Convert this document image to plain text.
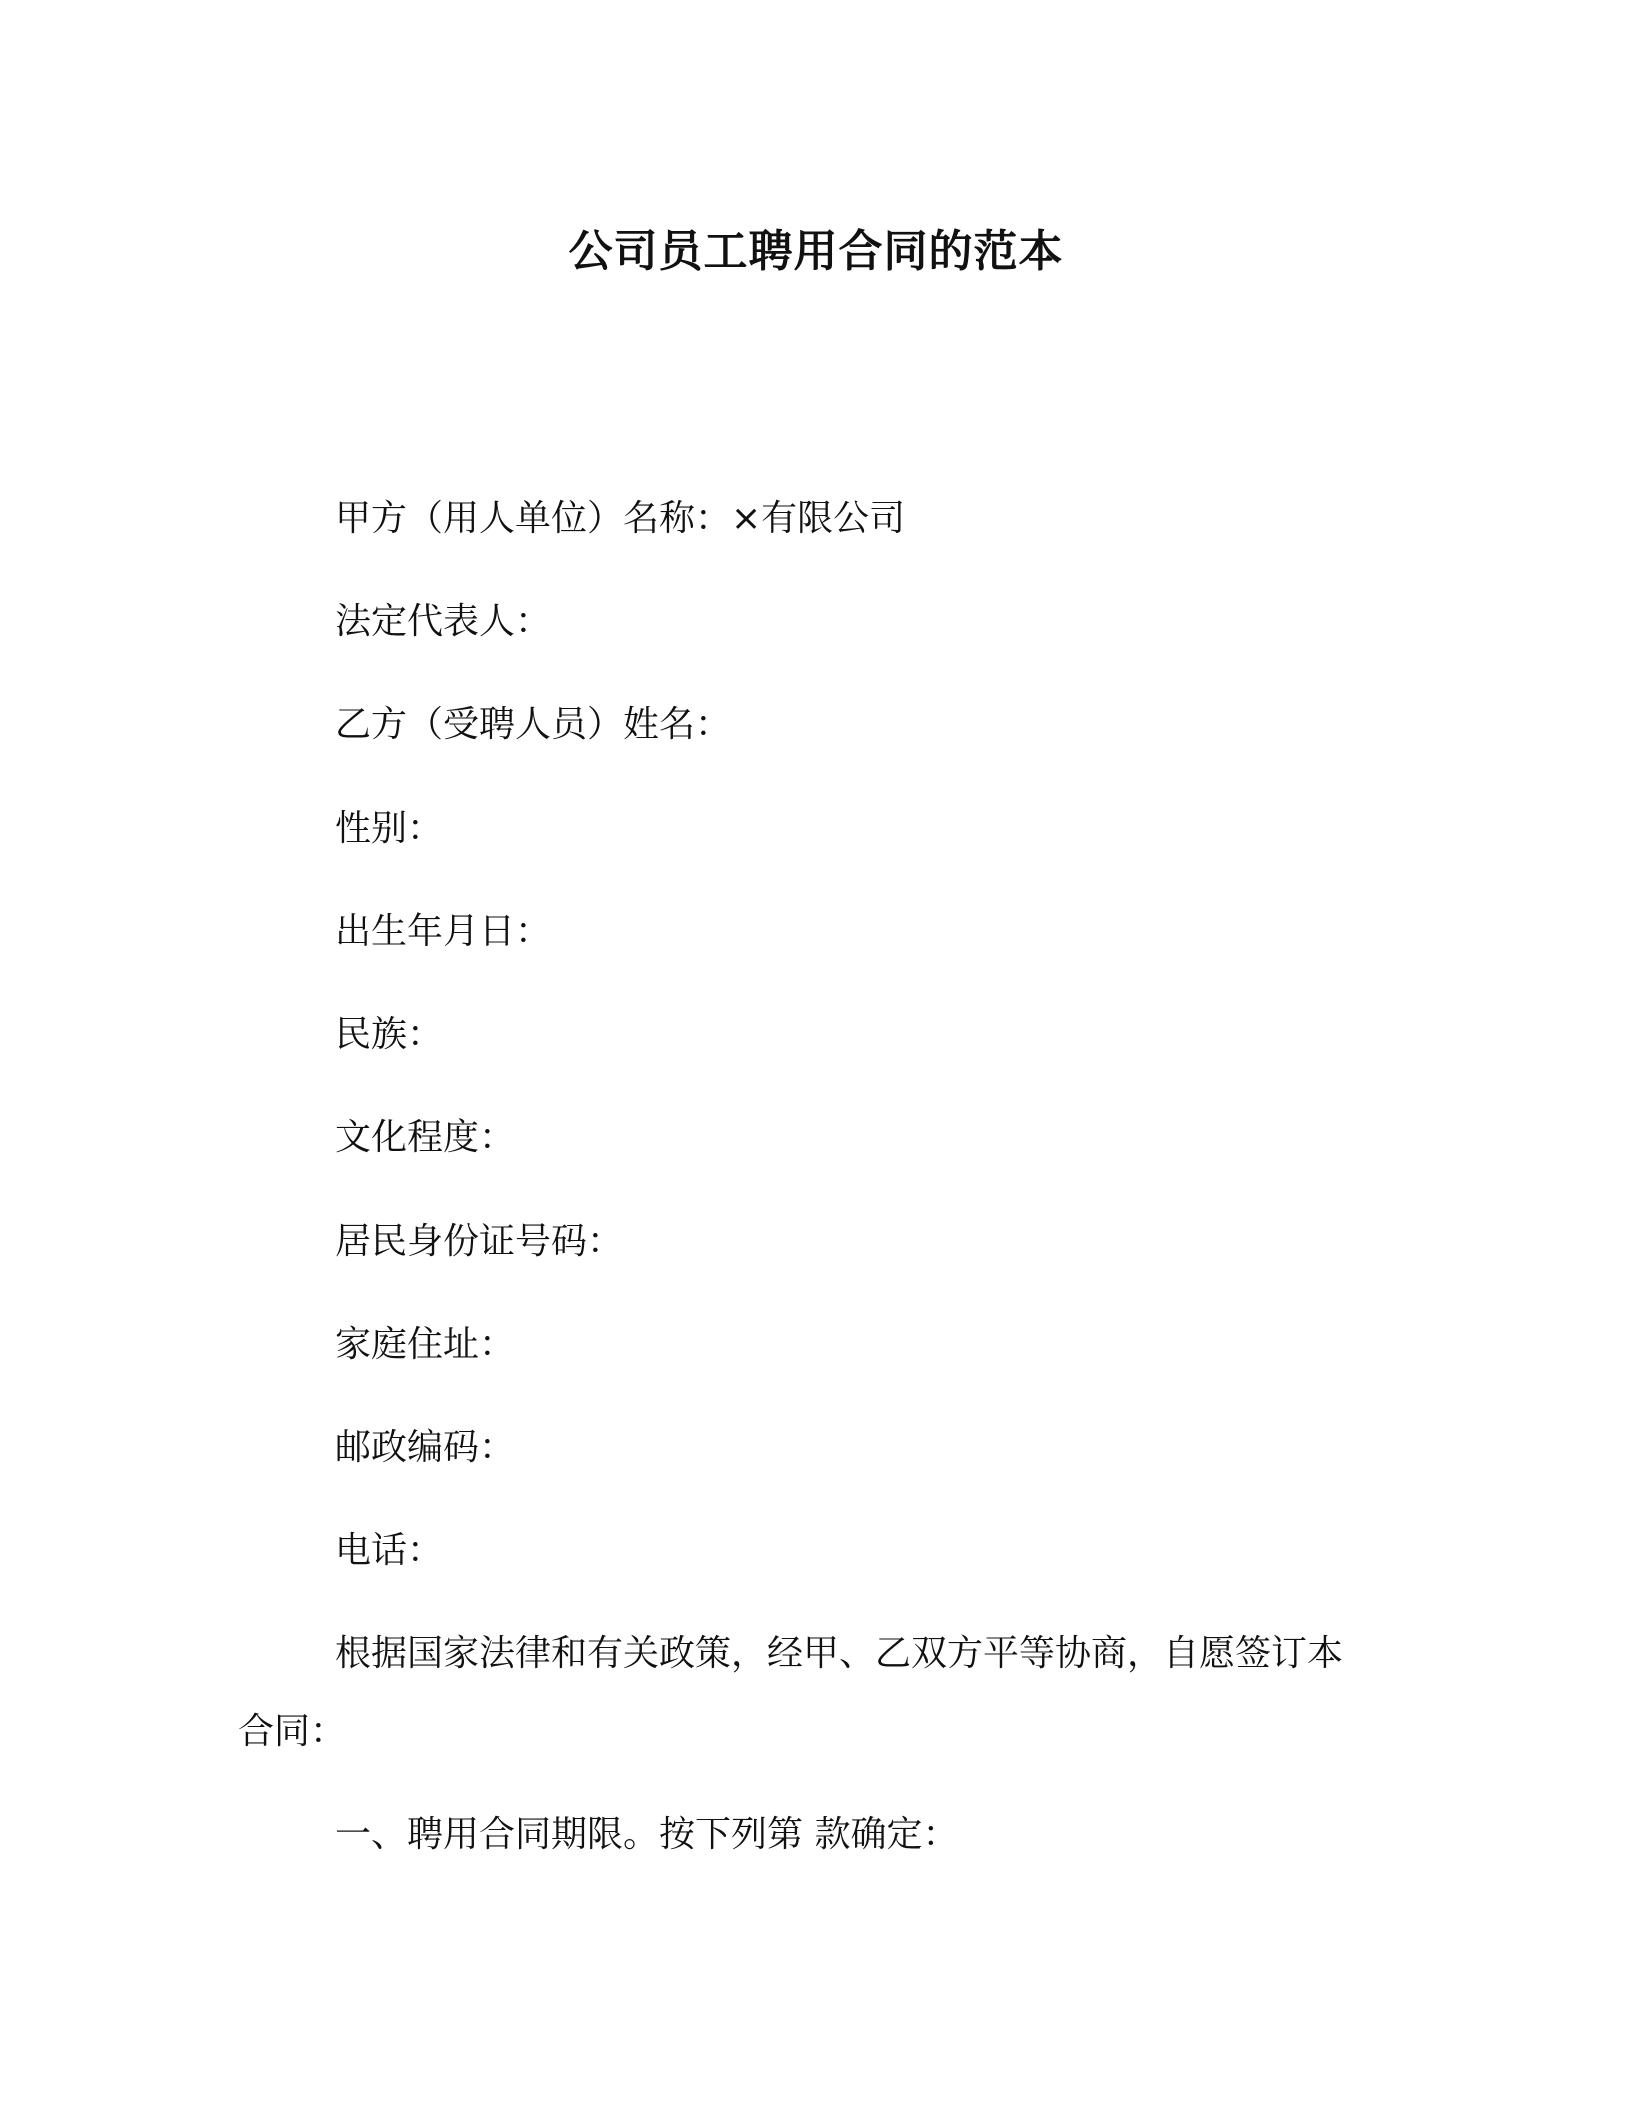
公司员工聘用合同的范本
甲方（用人单位）名称：×有限公司
法定代表人：
乙方（受聘人员）姓名：
性别：
出生年月日：
民族：
文化程度：
居民身份证号码：
家庭住址：
邮政编码：
电话：
根据国家法律和有关政策，经甲、乙双方平等协商，自愿签订本合同：
一、聘用合同期限。按下列第 款确定：
